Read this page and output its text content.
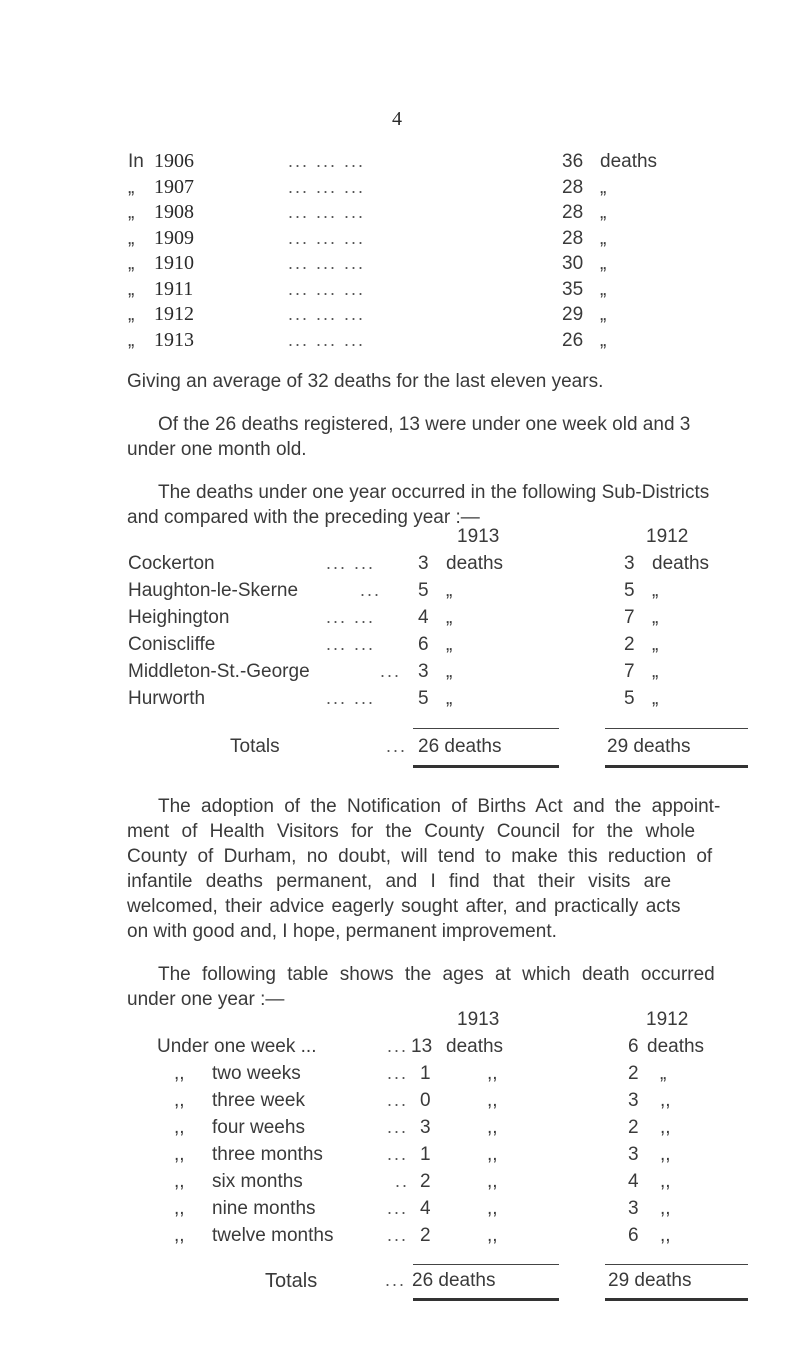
4
In 1906	... ... ...	36 deaths
„ 1907	... ... ...	28 „
„ 1908	... ... ...	28 „
„ 1909	... ... ...	28 „
„ 1910	... ... ...	30 „
„ 1911	... ... ...	35 „
„ 1912	... ... ...	29 „
„ 1913	... ... ...	26 „
Giving an average of 32 deaths for the last eleven years.
Of the 26 deaths registered, 13 were under one week old and 3
under one month old.
The deaths under one year occurred in the following Sub-Districts
and compared with the preceding year :—
1913	1912
Cockerton	... ... 3 deaths	3 deaths
Haughton-le-Skerne	... 5 „	5 „
Heighington	... ... 4 „	7 „
Coniscliffe	... ... 6 „	2 „
Middleton-St.-George	... 3 „	7 „
Hurworth	... ... 5 „	5 „
Totals	... 26 deaths	29 deaths
The adoption of the Notification of Births Act and the appoint-
ment of Health Visitors for the County Council for the whole
County of Durham, no doubt, will tend to make this reduction of
infantile deaths permanent, and I find that their visits are
welcomed, their advice eagerly sought after, and practically acts
on with good and, I hope, permanent improvement.
The following table shows the ages at which death occurred
under one year :—
1913	1912
Under one week ...	... 13 deaths	6 deaths
,, two weeks	... 1	,,	2 „
,, three week	... 0	,,	3 ,,
,, four weehs	... 3	,,	2 ,,
,, three months	... 1	,,	3 ,,
,, six months	.. 2	,,	4 ,,
,, nine months	... 4	,,	3 ,,
,, twelve months	... 2	,,	6 ,,
Totals	... 26 deaths	29 deaths
